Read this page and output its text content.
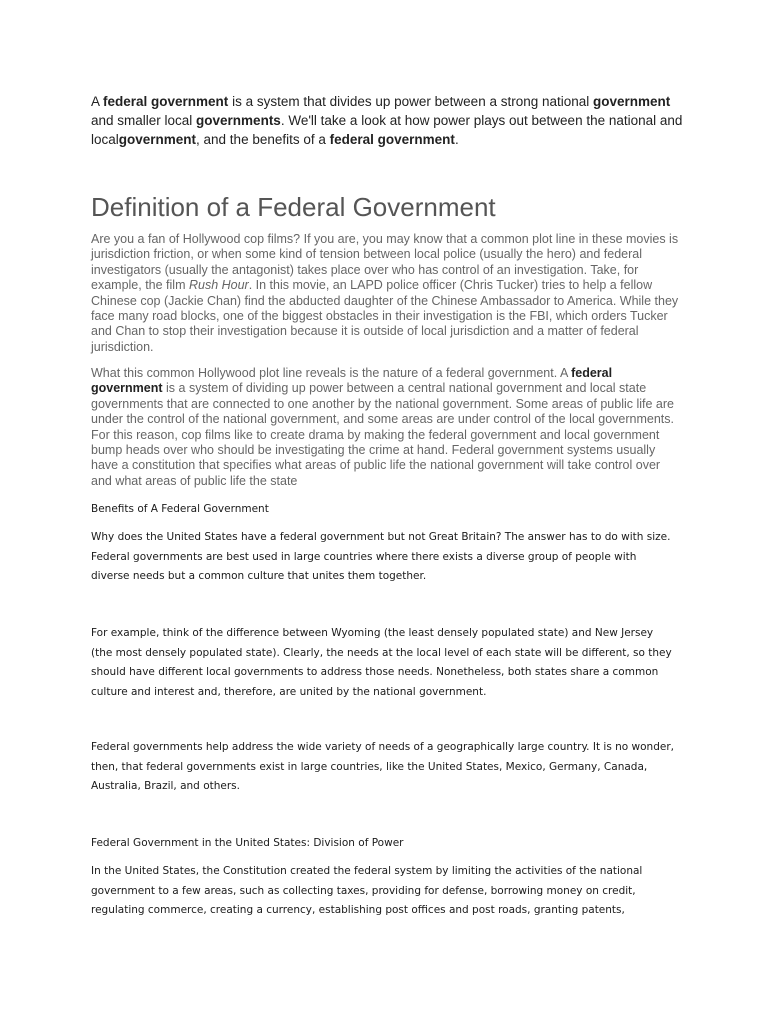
A federal government is a system that divides up power between a strong national government and smaller local governments. We'll take a look at how power plays out between the national and localgovernment, and the benefits of a federal government.

Definition of a Federal Government

Are you a fan of Hollywood cop films? If you are, you may know that a common plot line in these movies is jurisdiction friction, or when some kind of tension between local police (usually the hero) and federal investigators (usually the antagonist) takes place over who has control of an investigation. Take, for example, the film Rush Hour. In this movie, an LAPD police officer (Chris Tucker) tries to help a fellow Chinese cop (Jackie Chan) find the abducted daughter of the Chinese Ambassador to America. While they face many road blocks, one of the biggest obstacles in their investigation is the FBI, which orders Tucker and Chan to stop their investigation because it is outside of local jurisdiction and a matter of federal jurisdiction.

What this common Hollywood plot line reveals is the nature of a federal government. A federal government is a system of dividing up power between a central national government and local state governments that are connected to one another by the national government. Some areas of public life are under the control of the national government, and some areas are under control of the local governments. For this reason, cop films like to create drama by making the federal government and local government bump heads over who should be investigating the crime at hand. Federal government systems usually have a constitution that specifies what areas of public life the national government will take control over and what areas of public life the state

Benefits of A Federal Government

Why does the United States have a federal government but not Great Britain? The answer has to do with size. Federal governments are best used in large countries where there exists a diverse group of people with diverse needs but a common culture that unites them together.

For example, think of the difference between Wyoming (the least densely populated state) and New Jersey (the most densely populated state). Clearly, the needs at the local level of each state will be different, so they should have different local governments to address those needs. Nonetheless, both states share a common culture and interest and, therefore, are united by the national government.

Federal governments help address the wide variety of needs of a geographically large country. It is no wonder, then, that federal governments exist in large countries, like the United States, Mexico, Germany, Canada, Australia, Brazil, and others.

Federal Government in the United States: Division of Power

In the United States, the Constitution created the federal system by limiting the activities of the national government to a few areas, such as collecting taxes, providing for defense, borrowing money on credit, regulating commerce, creating a currency, establishing post offices and post roads, granting patents,
